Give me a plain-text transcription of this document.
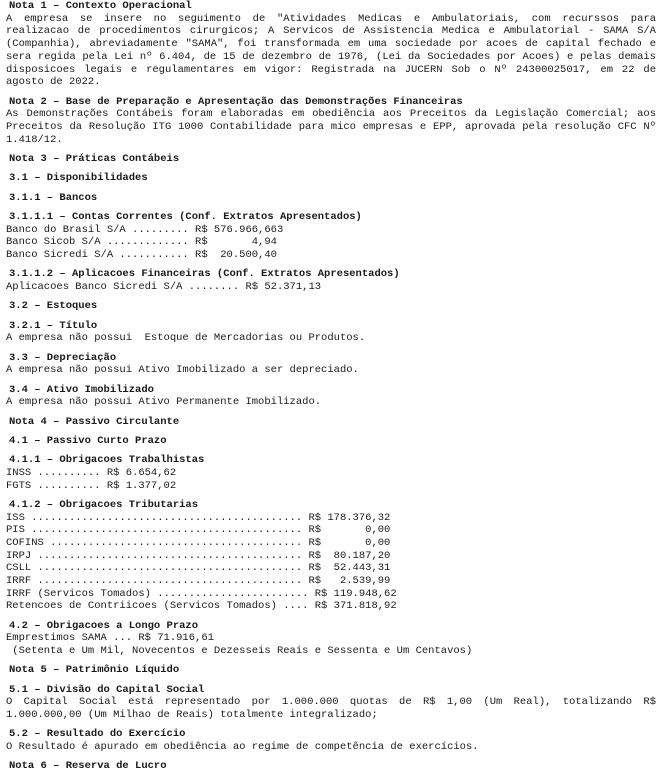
Nota 1 – Contexto Operacional
A empresa se insere no seguimento de "Atividades Medicas e Ambulatoriais, com recurssos para
realizacao de procedimentos cirurgicos; A Servicos de Assistencia Medica e Ambulatorial - SAMA S/A
(Companhia), abreviadamente "SAMA", foi transformada em uma sociedade por acoes de capital fechado e
sera regida pela Lei nº 6.404, de 15 de dezembro de 1976, (Lei da Sociedades por Acoes) e pelas demais
disposicoes legais e regulamentares em vigor: Registrada na JUCERN Sob o Nº 24300025017, em 22 de
agosto de 2022.
Nota 2 – Base de Preparação e Apresentação das Demonstrações Financeiras
As Demonstrações Contábeis foram elaboradas em obediência aos Preceitos da Legislação Comercial; aos
Preceitos da Resolução ITG 1000 Contabilidade para mico empresas e EPP, aprovada pela resolução CFC Nº
1.418/12.
Nota 3 – Práticas Contábeis
3.1 – Disponibilidades
3.1.1 – Bancos
3.1.1.1 – Contas Correntes (Conf. Extratos Apresentados)
Banco do Brasil S/A ......... R$ 576.966,663
Banco Sicob S/A ............. R$       4,94
Banco Sicredi S/A ........... R$  20.500,40
3.1.1.2 – Aplicacoes Financeiras (Conf. Extratos Apresentados)
Aplicacoes Banco Sicredi S/A ........ R$ 52.371,13
3.2 – Estoques
3.2.1 – Título
A empresa não possui  Estoque de Mercadorias ou Produtos.
3.3 – Depreciação
A empresa não possui Ativo Imobilizado a ser depreciado.
3.4 – Ativo Imobilizado
A empresa não possui Ativo Permanente Imobilizado.
Nota 4 – Passivo Circulante
4.1 – Passivo Curto Prazo
4.1.1 – Obrigacoes Trabalhistas
INSS .......... R$ 6.654,62
FGTS .......... R$ 1.377,02
4.1.2 – Obrigacoes Tributarias
ISS ........................................... R$ 178.376,32
PIS ........................................... R$       0,00
COFINS ........................................ R$       0,00
IRPJ .......................................... R$  80.187,20
CSLL .......................................... R$  52.443,31
IRRF .......................................... R$   2.539,99
IRRF (Servicos Tomados) ........................ R$ 119.948,62
Retencoes de Contriicoes (Servicos Tomados) .... R$ 371.818,92
4.2 – Obrigacoes a Longo Prazo
Emprestimos SAMA ... R$ 71.916,61
(Setenta e Um Mil, Novecentos e Dezesseis Reais e Sessenta e Um Centavos)
Nota 5 – Patrimônio Líquido
5.1 – Divisão do Capital Social
O Capital Social está representado por 1.000.000 quotas de R$ 1,00 (Um Real), totalizando R$
1.000.000,00 (Um Milhao de Reais) totalmente integralizado;
5.2 – Resultado do Exercício
O Resultado é apurado em obediência ao regime de competência de exercícios.
Nota 6 – Reserva de Lucro
